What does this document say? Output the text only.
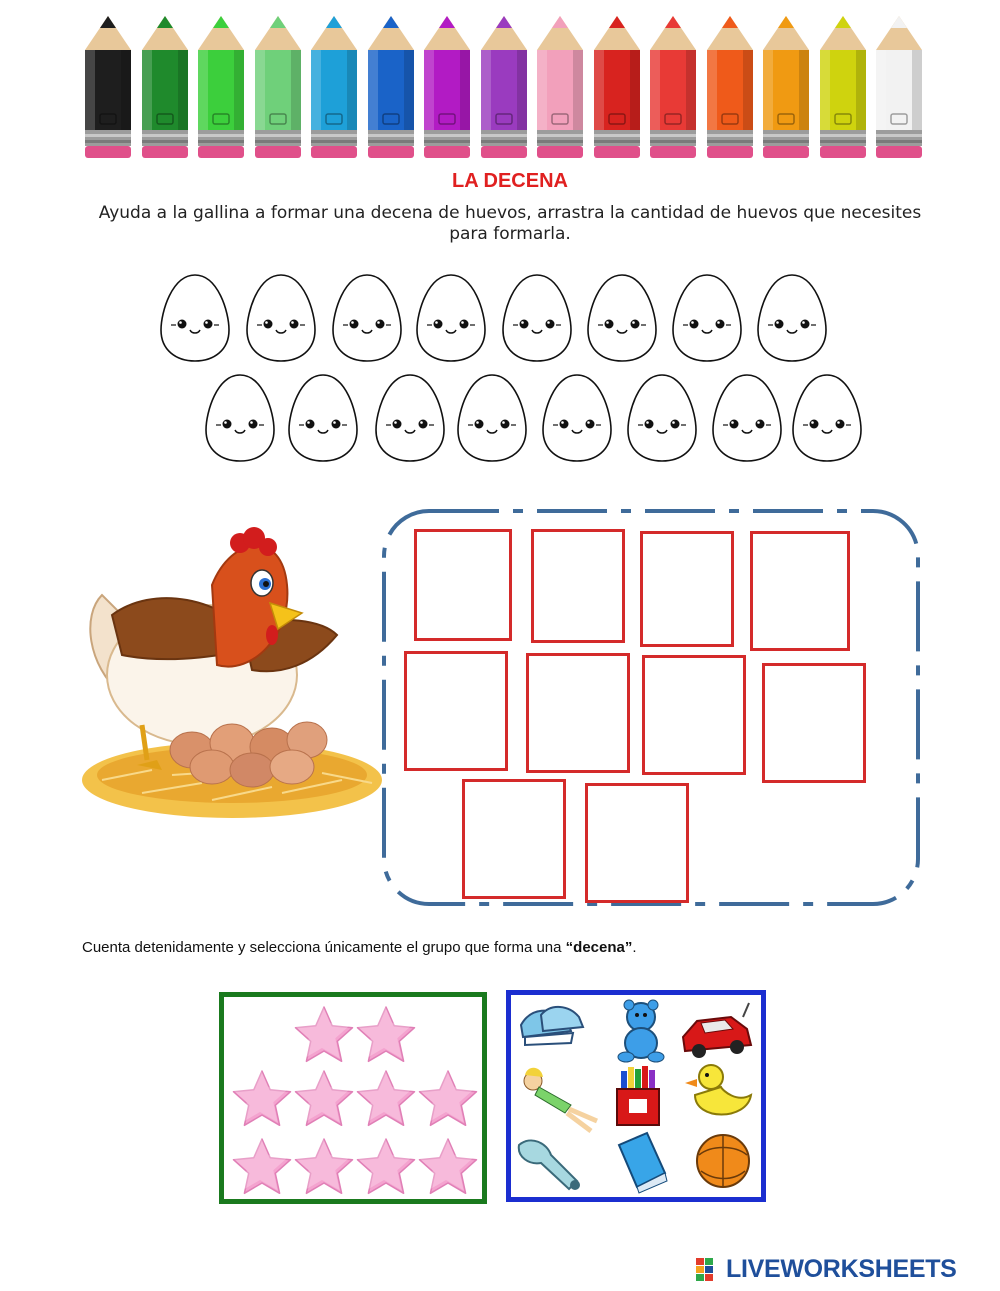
LA DECENA
Ayuda a la gallina a formar una decena de huevos, arrastra la cantidad de huevos que necesites para formarla.
Cuenta detenidamente y selecciona únicamente el grupo que forma una “decena”.
LIVEWORKSHEETS
